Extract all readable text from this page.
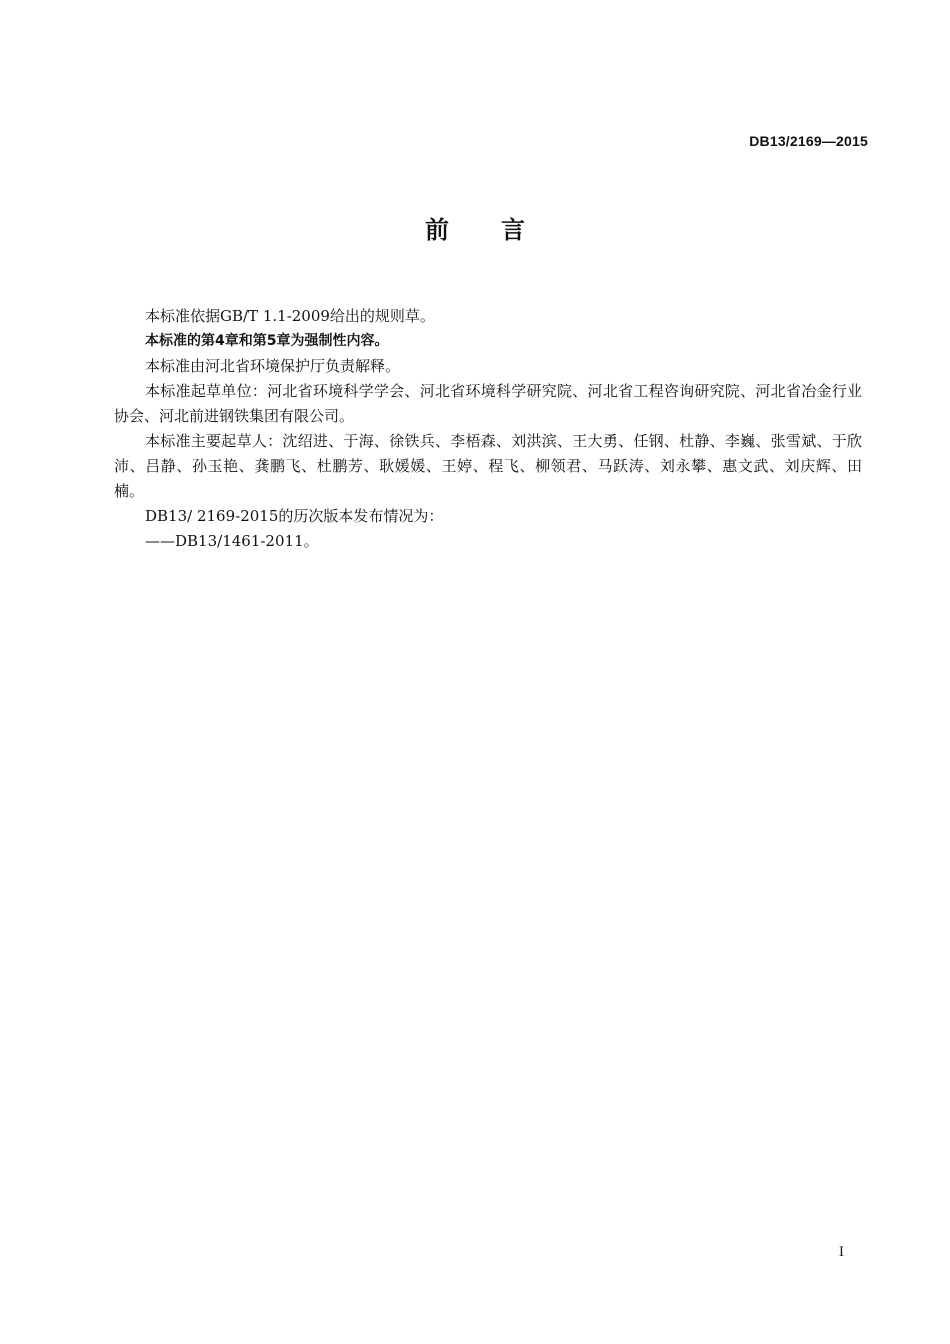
DB13/2169—2015

前言

本标准依据GB/T 1.1-2009给出的规则草。

本标准的第4章和第5章为强制性内容。

本标准由河北省环境保护厅负责解释。

本标准起草单位：河北省环境科学学会、河北省环境科学研究院、河北省工程咨询研究院、河北省冶金行业协会、河北前进钢铁集团有限公司。

本标准主要起草人：沈绍进、于海、徐铁兵、李梧森、刘洪滨、王大勇、任钢、杜静、李巍、张雪斌、于欣沛、吕静、孙玉艳、龚鹏飞、杜鹏芳、耿媛媛、王婷、程飞、柳领君、马跃涛、刘永攀、惠文武、刘庆辉、田楠。

DB13/ 2169-2015的历次版本发布情况为：

——DB13/1461-2011。

I
